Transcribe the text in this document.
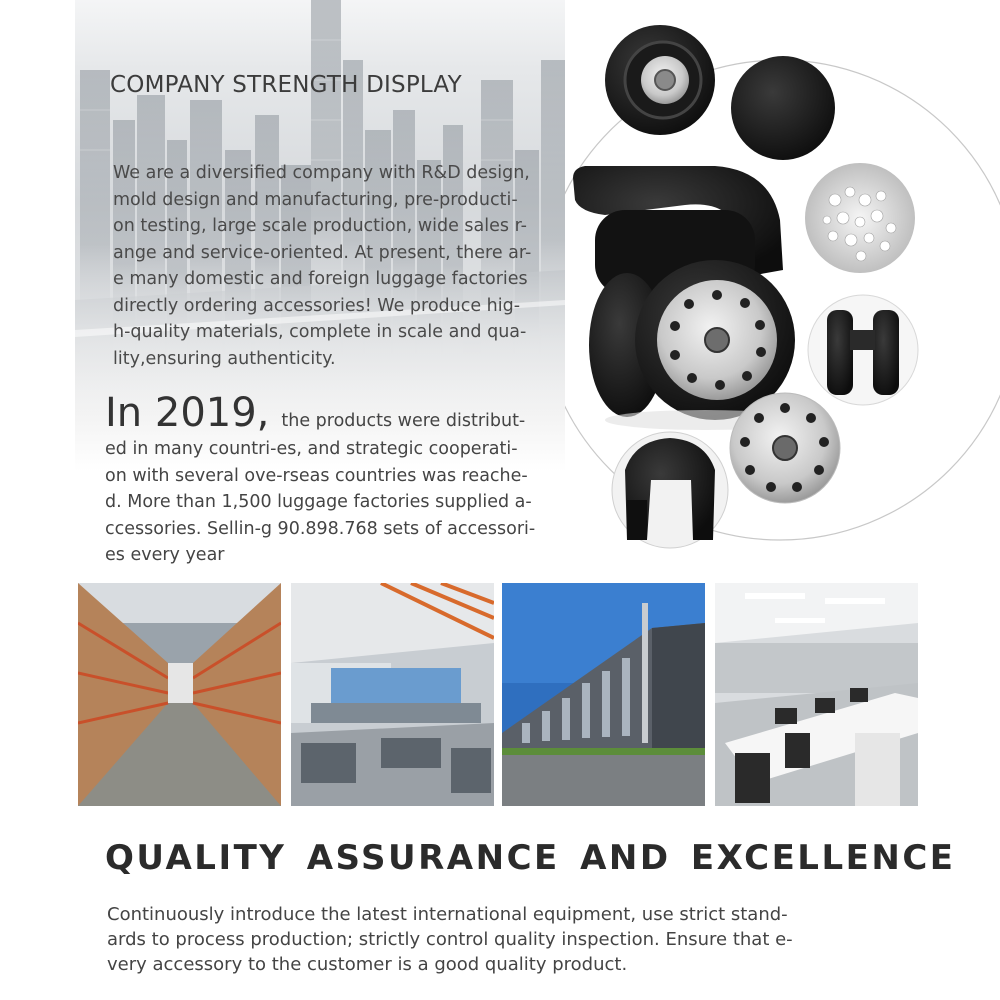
COMPANY STRENGTH DISPLAY
We are a diversified company with R&D design,
mold design and manufacturing, pre-producti-
on testing, large scale production, wide sales r-
ange and service-oriented. At present, there ar-
e many domestic and foreign luggage factories
directly ordering accessories! We produce hig-
h-quality materials, complete in scale and qua-
lity,ensuring authenticity.
In 2019, the products were distribut-
ed in many countri-es, and strategic cooperati-
on with several ove-rseas countries was reache-
d. More than 1,500 luggage factories supplied a-
ccessories. Sellin-g 90.898.768 sets of accessori-
es every year
QUALITY ASSURANCE AND EXCELLENCE
Continuously introduce the latest international equipment, use strict stand-
ards to process production; strictly control quality inspection. Ensure that e-
very accessory to the customer is a good quality product.
